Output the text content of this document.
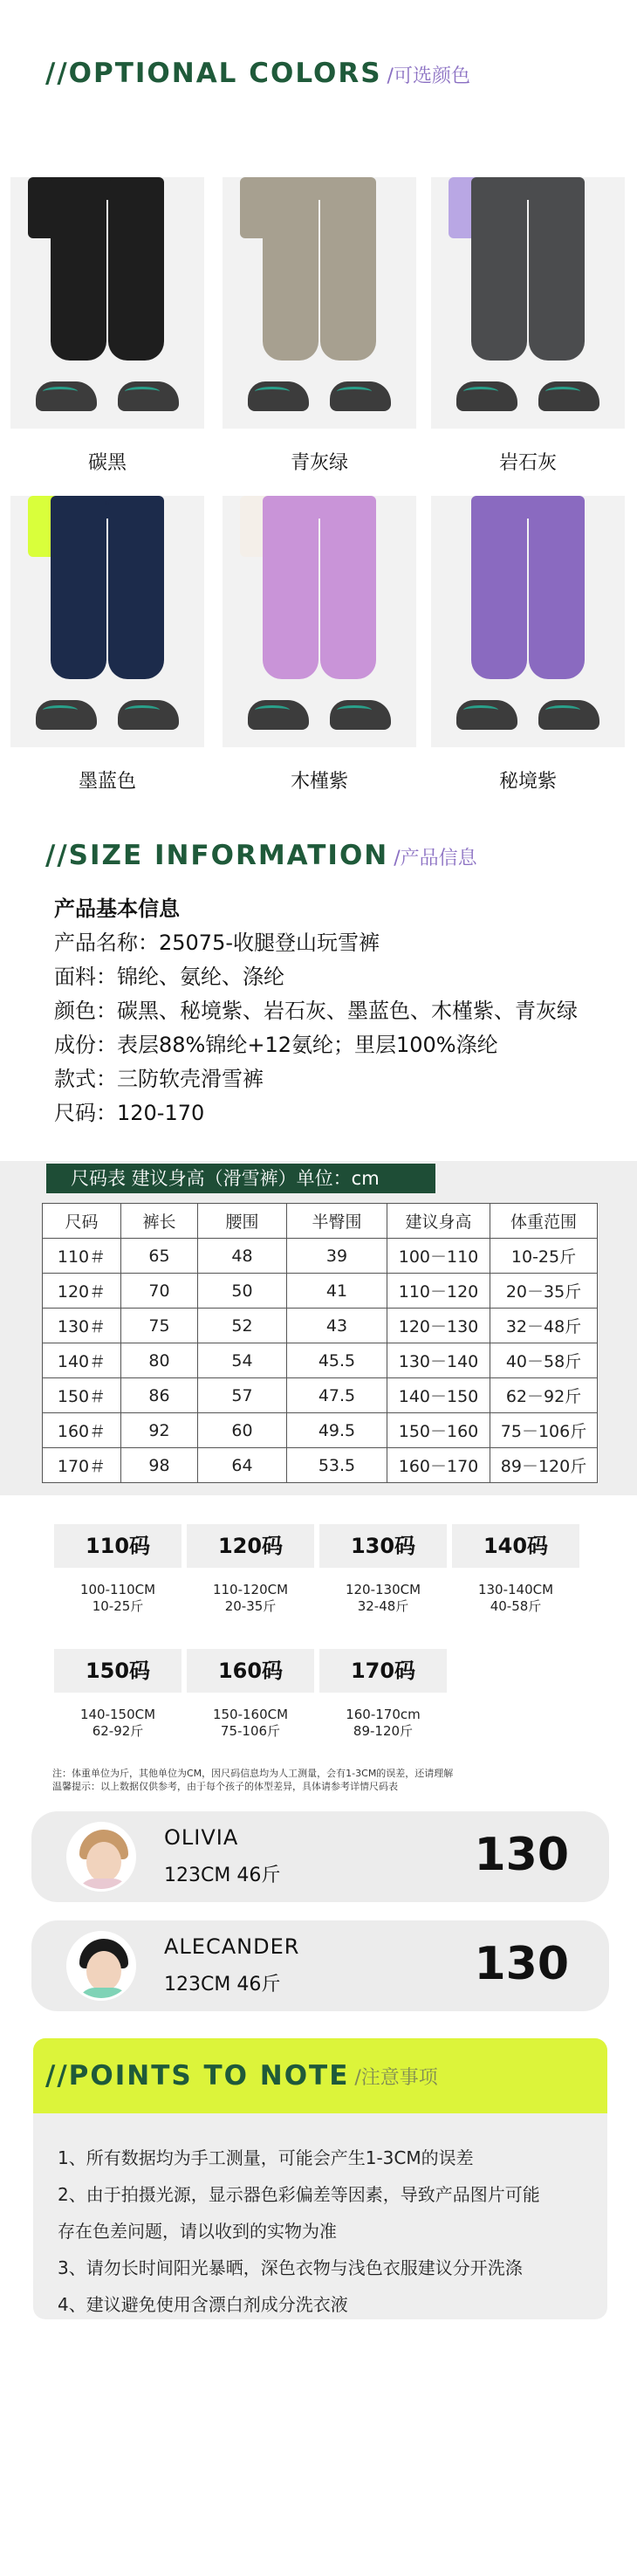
//OPTIONAL COLORS /可选颜色
碳黑	青灰绿	岩石灰
墨蓝色	木槿紫	秘境紫
//SIZE INFORMATION /产品信息
产品基本信息
产品名称：25075-收腿登山玩雪裤
面料：锦纶、氨纶、涤纶
颜色：碳黑、秘境紫、岩石灰、墨蓝色、木槿紫、青灰绿
成份：表层88%锦纶+12氨纶；里层100%涤纶
款式：三防软壳滑雪裤
尺码：120-170
尺码表 建议身高（滑雪裤）单位：cm
尺码	裤长	腰围	半臀围	建议身高	体重范围
110＃	65	48	39	100－110	10-25斤
120＃	70	50	41	110－120	20－35斤
130＃	75	52	43	120－130	32－48斤
140＃	80	54	45.5	130－140	40－58斤
150＃	86	57	47.5	140－150	62－92斤
160＃	92	60	49.5	150－160	75－106斤
170＃	98	64	53.5	160－170	89－120斤
110码
100-110CM
10-25斤
120码
110-120CM
20-35斤
130码
120-130CM
32-48斤
140码
130-140CM
40-58斤
150码
140-150CM
62-92斤
160码
150-160CM
75-106斤
170码
160-170cm
89-120斤
注：体重单位为斤，其他单位为CM，因尺码信息均为人工测量，会有1-3CM的误差，还请理解
温馨提示：以上数据仅供参考，由于每个孩子的体型差异，具体请参考详情尺码表
OLIVIA
123CM 46斤	130
ALECANDER
123CM 46斤	130
//POINTS TO NOTE /注意事项
1、所有数据均为手工测量，可能会产生1-3CM的误差
2、由于拍摄光源，显示器色彩偏差等因素，导致产品图片可能
存在色差问题，请以收到的实物为准
3、请勿长时间阳光暴晒，深色衣物与浅色衣服建议分开洗涤
4、建议避免使用含漂白剂成分洗衣液
